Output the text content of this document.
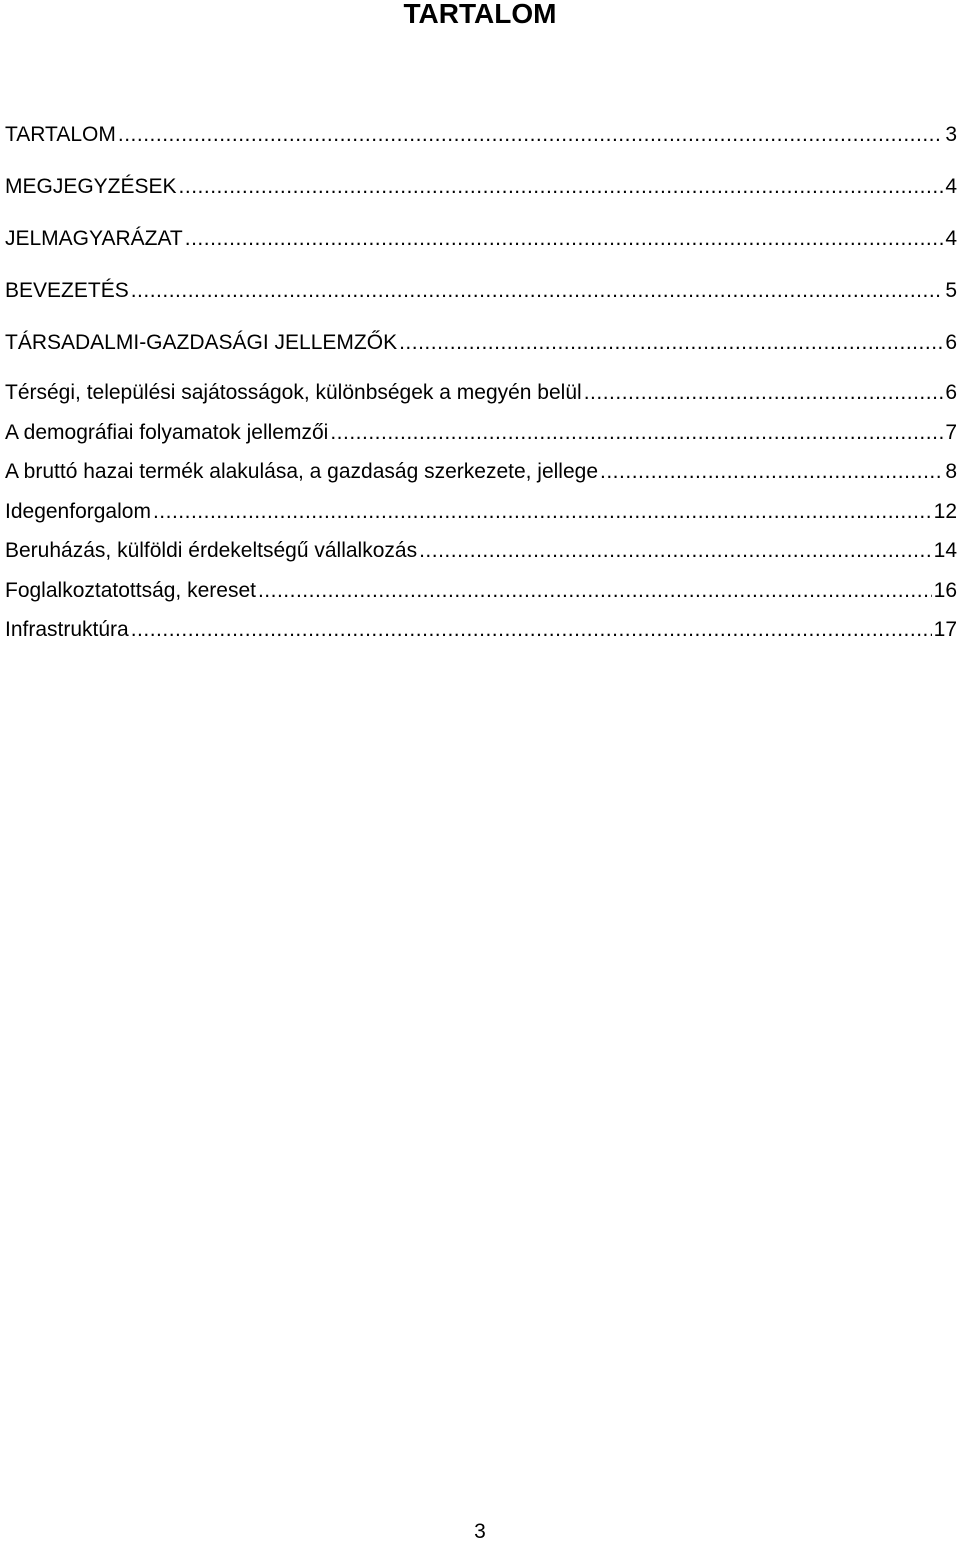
TARTALOM
TARTALOM .....	3
MEGJEGYZÉSEK .....	4
JELMAGYARÁZAT .....	4
BEVEZETÉS .....	5
TÁRSADALMI-GAZDASÁGI JELLEMZŐK .....	6
Térségi, települési sajátosságok, különbségek a megyén belül .....	6
A demográfiai folyamatok jellemzői .....	7
A bruttó hazai termék alakulása, a gazdaság szerkezete, jellege .....	8
Idegenforgalom .....	12
Beruházás, külföldi érdekeltségű vállalkozás .....	14
Foglalkoztatottság, kereset .....	16
Infrastruktúra .....	17
3
